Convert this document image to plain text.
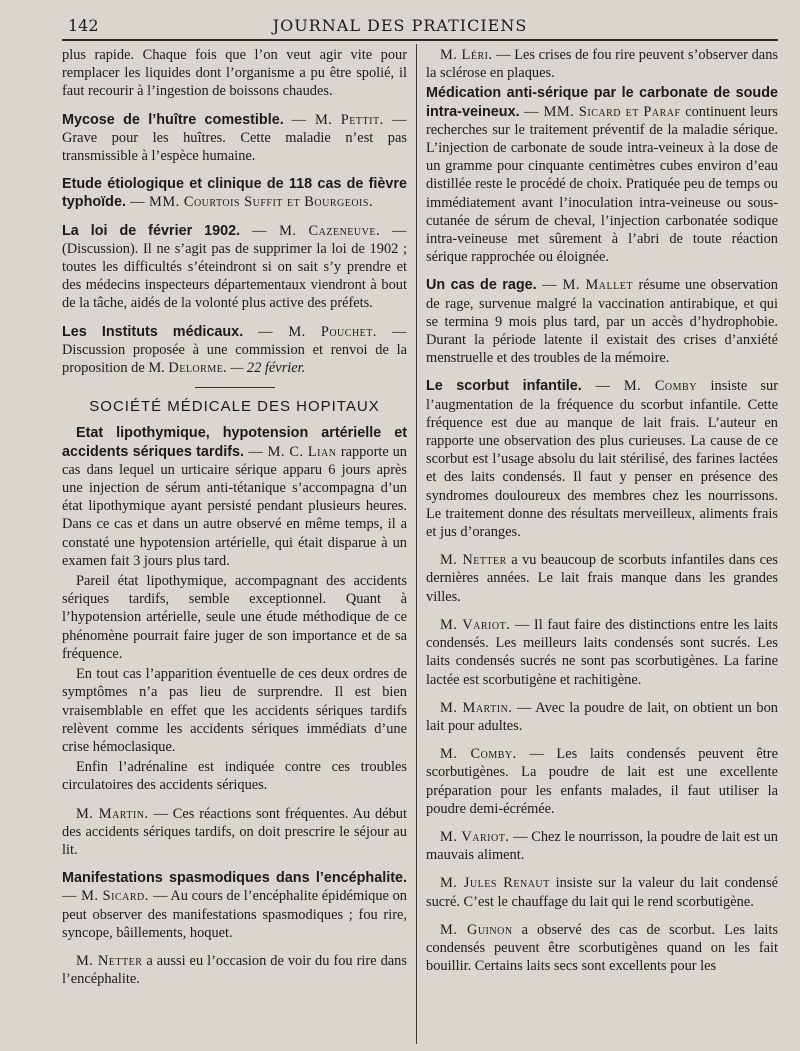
142	JOURNAL DES PRATICIENS

plus rapide. Chaque fois que l’on veut agir vite pour remplacer les liquides dont l’organisme a pu être spolié, il faut recourir à l’ingestion de boissons chaudes.

Mycose de l’huître comestible. — M. Pettit. — Grave pour les huîtres. Cette maladie n’est pas transmissible à l’espèce humaine.

Etude étiologique et clinique de 118 cas de fièvre typhoïde. — MM. Courtois Suffit et Bourgeois.

La loi de février 1902. — M. Cazeneuve. — (Discussion). Il ne s’agit pas de supprimer la loi de 1902 ; toutes les difficultés s’éteindront si on sait s’y prendre et des médecins inspecteurs départementaux viendront à bout de la tâche, aidés de la volonté plus active des préfets.

Les Instituts médicaux. — M. Pouchet. — Discussion proposée à une commission et renvoi de la proposition de M. Delorme. — 22 février.

SOCIÉTÉ MÉDICALE DES HOPITAUX

Etat lipothymique, hypotension artérielle et accidents sériques tardifs. — M. C. Lian rapporte un cas dans lequel un urticaire sérique apparu 6 jours après une injection de sérum anti-tétanique s’accompagna d’un état lipothymique ayant persisté pendant plusieurs heures. Dans ce cas et dans un autre observé en même temps, il a constaté une hypotension artérielle, qui était disparue à un examen fait 3 jours plus tard.

Pareil état lipothymique, accompagnant des accidents sériques tardifs, semble exceptionnel. Quant à l’hypotension artérielle, seule une étude méthodique de ce phénomène pourrait faire juger de son importance et de sa fréquence.

En tout cas l’apparition éventuelle de ces deux ordres de symptômes n’a pas lieu de surprendre. Il est bien vraisemblable en effet que les accidents sériques tardifs relèvent comme les accidents sériques immédiats d’une crise hémoclasique.

Enfin l’adrénaline est indiquée contre ces troubles circulatoires des accidents sériques.

M. Martin. — Ces réactions sont fréquentes. Au début des accidents sériques tardifs, on doit prescrire le séjour au lit.

Manifestations spasmodiques dans l’encéphalite. — M. Sicard. — Au cours de l’encéphalite épidémique on peut observer des manifestations spasmodiques ; fou rire, syncope, bâillements, hoquet.

M. Netter a aussi eu l’occasion de voir du fou rire dans l’encéphalite.

M. Léri. — Les crises de fou rire peuvent s’observer dans la sclérose en plaques.

Médication anti-sérique par le carbonate de soude intra-veineux. — MM. Sicard et Paraf continuent leurs recherches sur le traitement préventif de la maladie sérique. L’injection de carbonate de soude intra-veineux à la dose de un gramme pour cinquante centimètres cubes environ d’eau distillée reste le procédé de choix. Pratiquée peu de temps ou immédiatement avant l’inoculation intra-veineuse ou sous-cutanée de sérum de cheval, l’injection carbonatée sodique intra-veineuse met sûrement à l’abri de toute réaction sérique rapprochée ou éloignée.

Un cas de rage. — M. Mallet résume une observation de rage, survenue malgré la vaccination antirabique, et qui se termina 9 mois plus tard, par un accès d’hydrophobie. Durant la période latente il existait des crises d’anxiété menstruelle et des troubles de la mémoire.

Le scorbut infantile. — M. Comby insiste sur l’augmentation de la fréquence du scorbut infantile. Cette fréquence est due au manque de lait frais. L’auteur en rapporte une observation des plus curieuses. La cause de ce scorbut est l’usage absolu du lait stérilisé, des farines lactées et des laits condensés. Il faut y penser en présence des syndromes douloureux des membres chez les nourrissons. Le traitement donne des résultats merveilleux, aliments frais et jus d’oranges.

M. Netter a vu beaucoup de scorbuts infantiles dans ces dernières années. Le lait frais manque dans les grandes villes.

M. Variot. — Il faut faire des distinctions entre les laits condensés. Les meilleurs laits condensés sont sucrés. Les laits condensés sucrés ne sont pas scorbutigènes. La farine lactée est scorbutigène et rachitigène.

M. Martin. — Avec la poudre de lait, on obtient un bon lait pour adultes.

M. Comby. — Les laits condensés peuvent être scorbutigènes. La poudre de lait est une excellente préparation pour les enfants malades, il faut utiliser la poudre demi-écrémée.

M. Variot. — Chez le nourrisson, la poudre de lait est un mauvais aliment.

M. Jules Renaut insiste sur la valeur du lait condensé sucré. C’est le chauffage du lait qui le rend scorbutigène.

M. Guinon a observé des cas de scorbut. Les laits condensés peuvent être scorbutigènes quand on les fait bouillir. Certains laits secs sont excellents pour les
